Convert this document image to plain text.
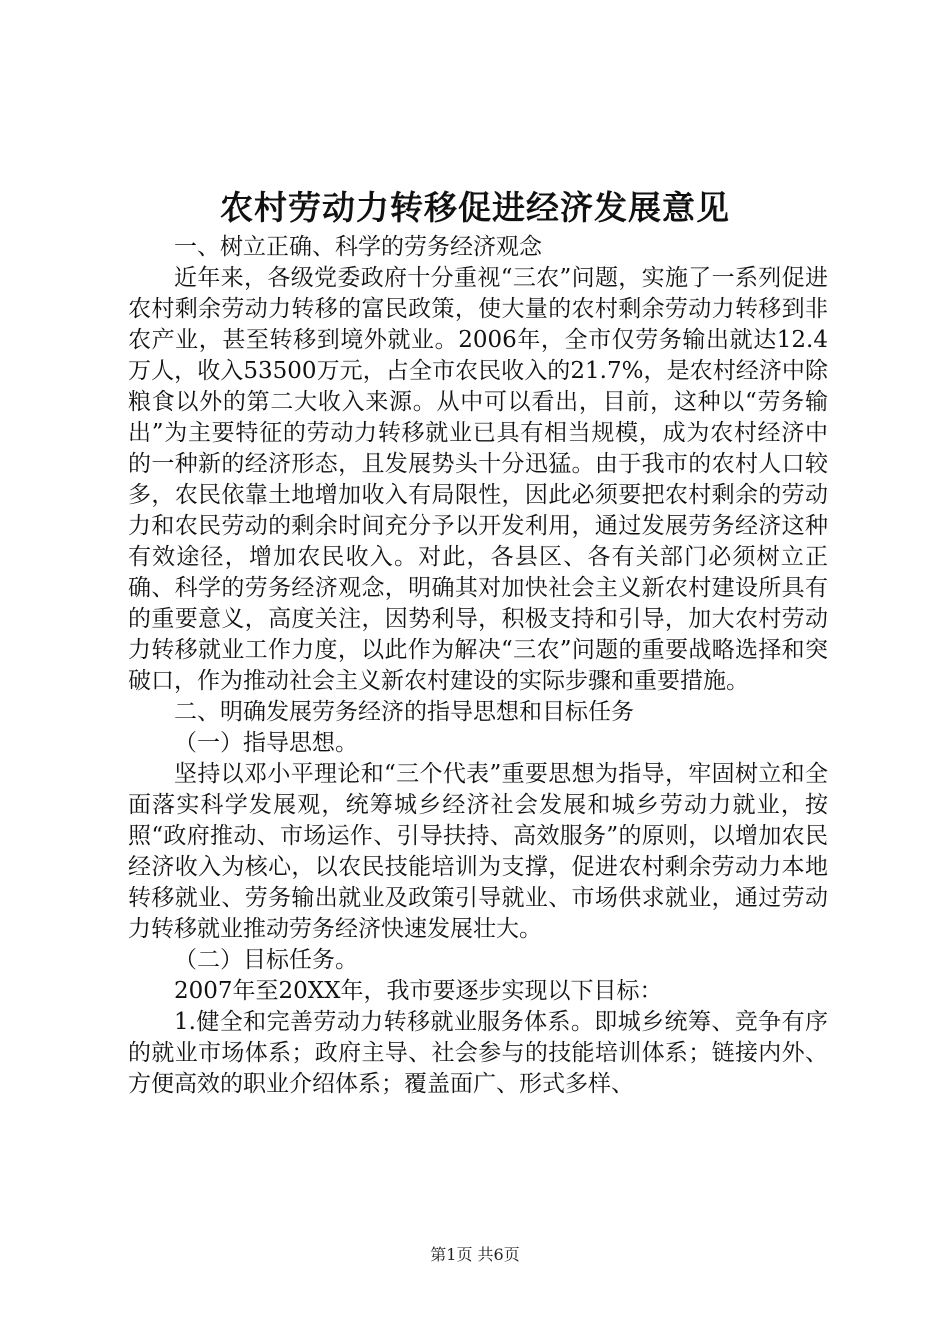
农村劳动力转移促进经济发展意见

一、树立正确、科学的劳务经济观念

近年来，各级党委政府十分重视“三农”问题，实施了一系列促进农村剩余劳动力转移的富民政策，使大量的农村剩余劳动力转移到非农产业，甚至转移到境外就业。2006年，全市仅劳务输出就达12.4万人，收入53500万元，占全市农民收入的21.7%，是农村经济中除粮食以外的第二大收入来源。从中可以看出，目前，这种以“劳务输出”为主要特征的劳动力转移就业已具有相当规模，成为农村经济中的一种新的经济形态，且发展势头十分迅猛。由于我市的农村人口较多，农民依靠土地增加收入有局限性，因此必须要把农村剩余的劳动力和农民劳动的剩余时间充分予以开发利用，通过发展劳务经济这种有效途径，增加农民收入。对此，各县区、各有关部门必须树立正确、科学的劳务经济观念，明确其对加快社会主义新农村建设所具有的重要意义，高度关注，因势利导，积极支持和引导，加大农村劳动力转移就业工作力度，以此作为解决“三农”问题的重要战略选择和突破口，作为推动社会主义新农村建设的实际步骤和重要措施。

二、明确发展劳务经济的指导思想和目标任务

（一）指导思想。

坚持以邓小平理论和“三个代表”重要思想为指导，牢固树立和全面落实科学发展观，统筹城乡经济社会发展和城乡劳动力就业，按照“政府推动、市场运作、引导扶持、高效服务”的原则，以增加农民经济收入为核心，以农民技能培训为支撑，促进农村剩余劳动力本地转移就业、劳务输出就业及政策引导就业、市场供求就业，通过劳动力转移就业推动劳务经济快速发展壮大。

（二）目标任务。

2007年至20XX年，我市要逐步实现以下目标：

1.健全和完善劳动力转移就业服务体系。即城乡统筹、竞争有序的就业市场体系；政府主导、社会参与的技能培训体系；链接内外、方便高效的职业介绍体系；覆盖面广、形式多样、

第1页 共6页
